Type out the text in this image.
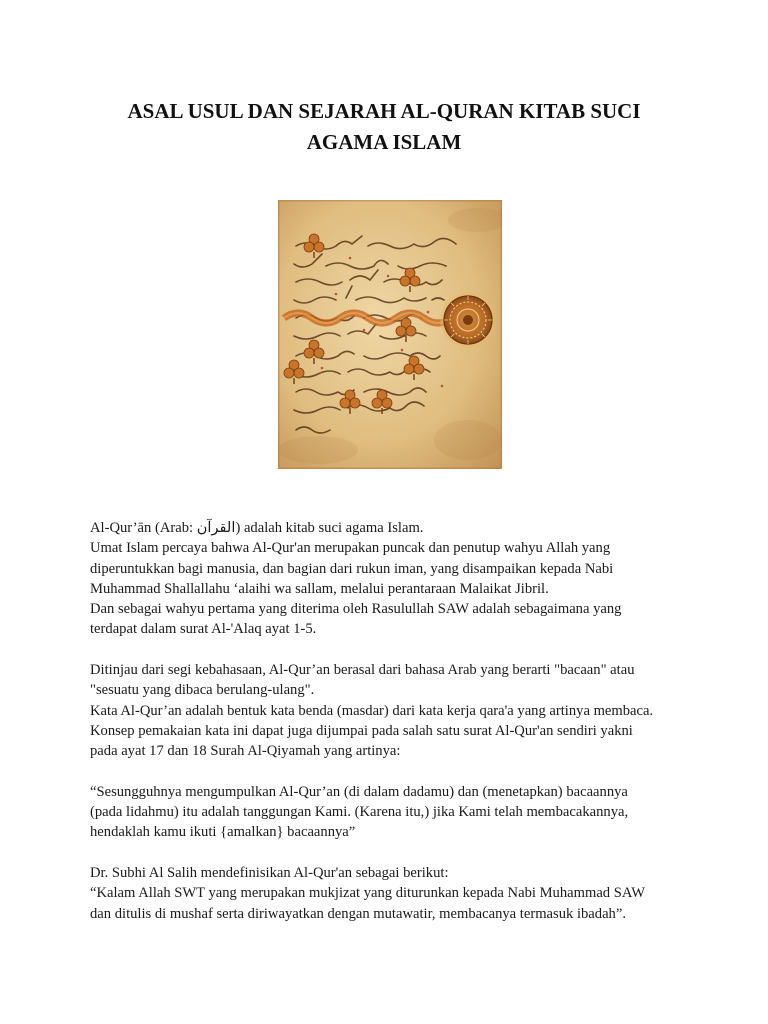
ASAL USUL DAN SEJARAH AL-QURAN KITAB SUCI
AGAMA ISLAM

Al-Qur’ān (Arab: القرآن) adalah kitab suci agama Islam.
Umat Islam percaya bahwa Al-Qur'an merupakan puncak dan penutup wahyu Allah yang
diperuntukkan bagi manusia, dan bagian dari rukun iman, yang disampaikan kepada Nabi
Muhammad Shallallahu ‘alaihi wa sallam, melalui perantaraan Malaikat Jibril.
Dan sebagai wahyu pertama yang diterima oleh Rasulullah SAW adalah sebagaimana yang
terdapat dalam surat Al-'Alaq ayat 1-5.

Ditinjau dari segi kebahasaan, Al-Qur’an berasal dari bahasa Arab yang berarti "bacaan" atau
"sesuatu yang dibaca berulang-ulang".
Kata Al-Qur’an adalah bentuk kata benda (masdar) dari kata kerja qara'a yang artinya membaca.
Konsep pemakaian kata ini dapat juga dijumpai pada salah satu surat Al-Qur'an sendiri yakni
pada ayat 17 dan 18 Surah Al-Qiyamah yang artinya:

“Sesungguhnya mengumpulkan Al-Qur’an (di dalam dadamu) dan (menetapkan) bacaannya
(pada lidahmu) itu adalah tanggungan Kami. (Karena itu,) jika Kami telah membacakannya,
hendaklah kamu ikuti {amalkan} bacaannya”

Dr. Subhi Al Salih mendefinisikan Al-Qur'an sebagai berikut:
“Kalam Allah SWT yang merupakan mukjizat yang diturunkan kepada Nabi Muhammad SAW
dan ditulis di mushaf serta diriwayatkan dengan mutawatir, membacanya termasuk ibadah”.
